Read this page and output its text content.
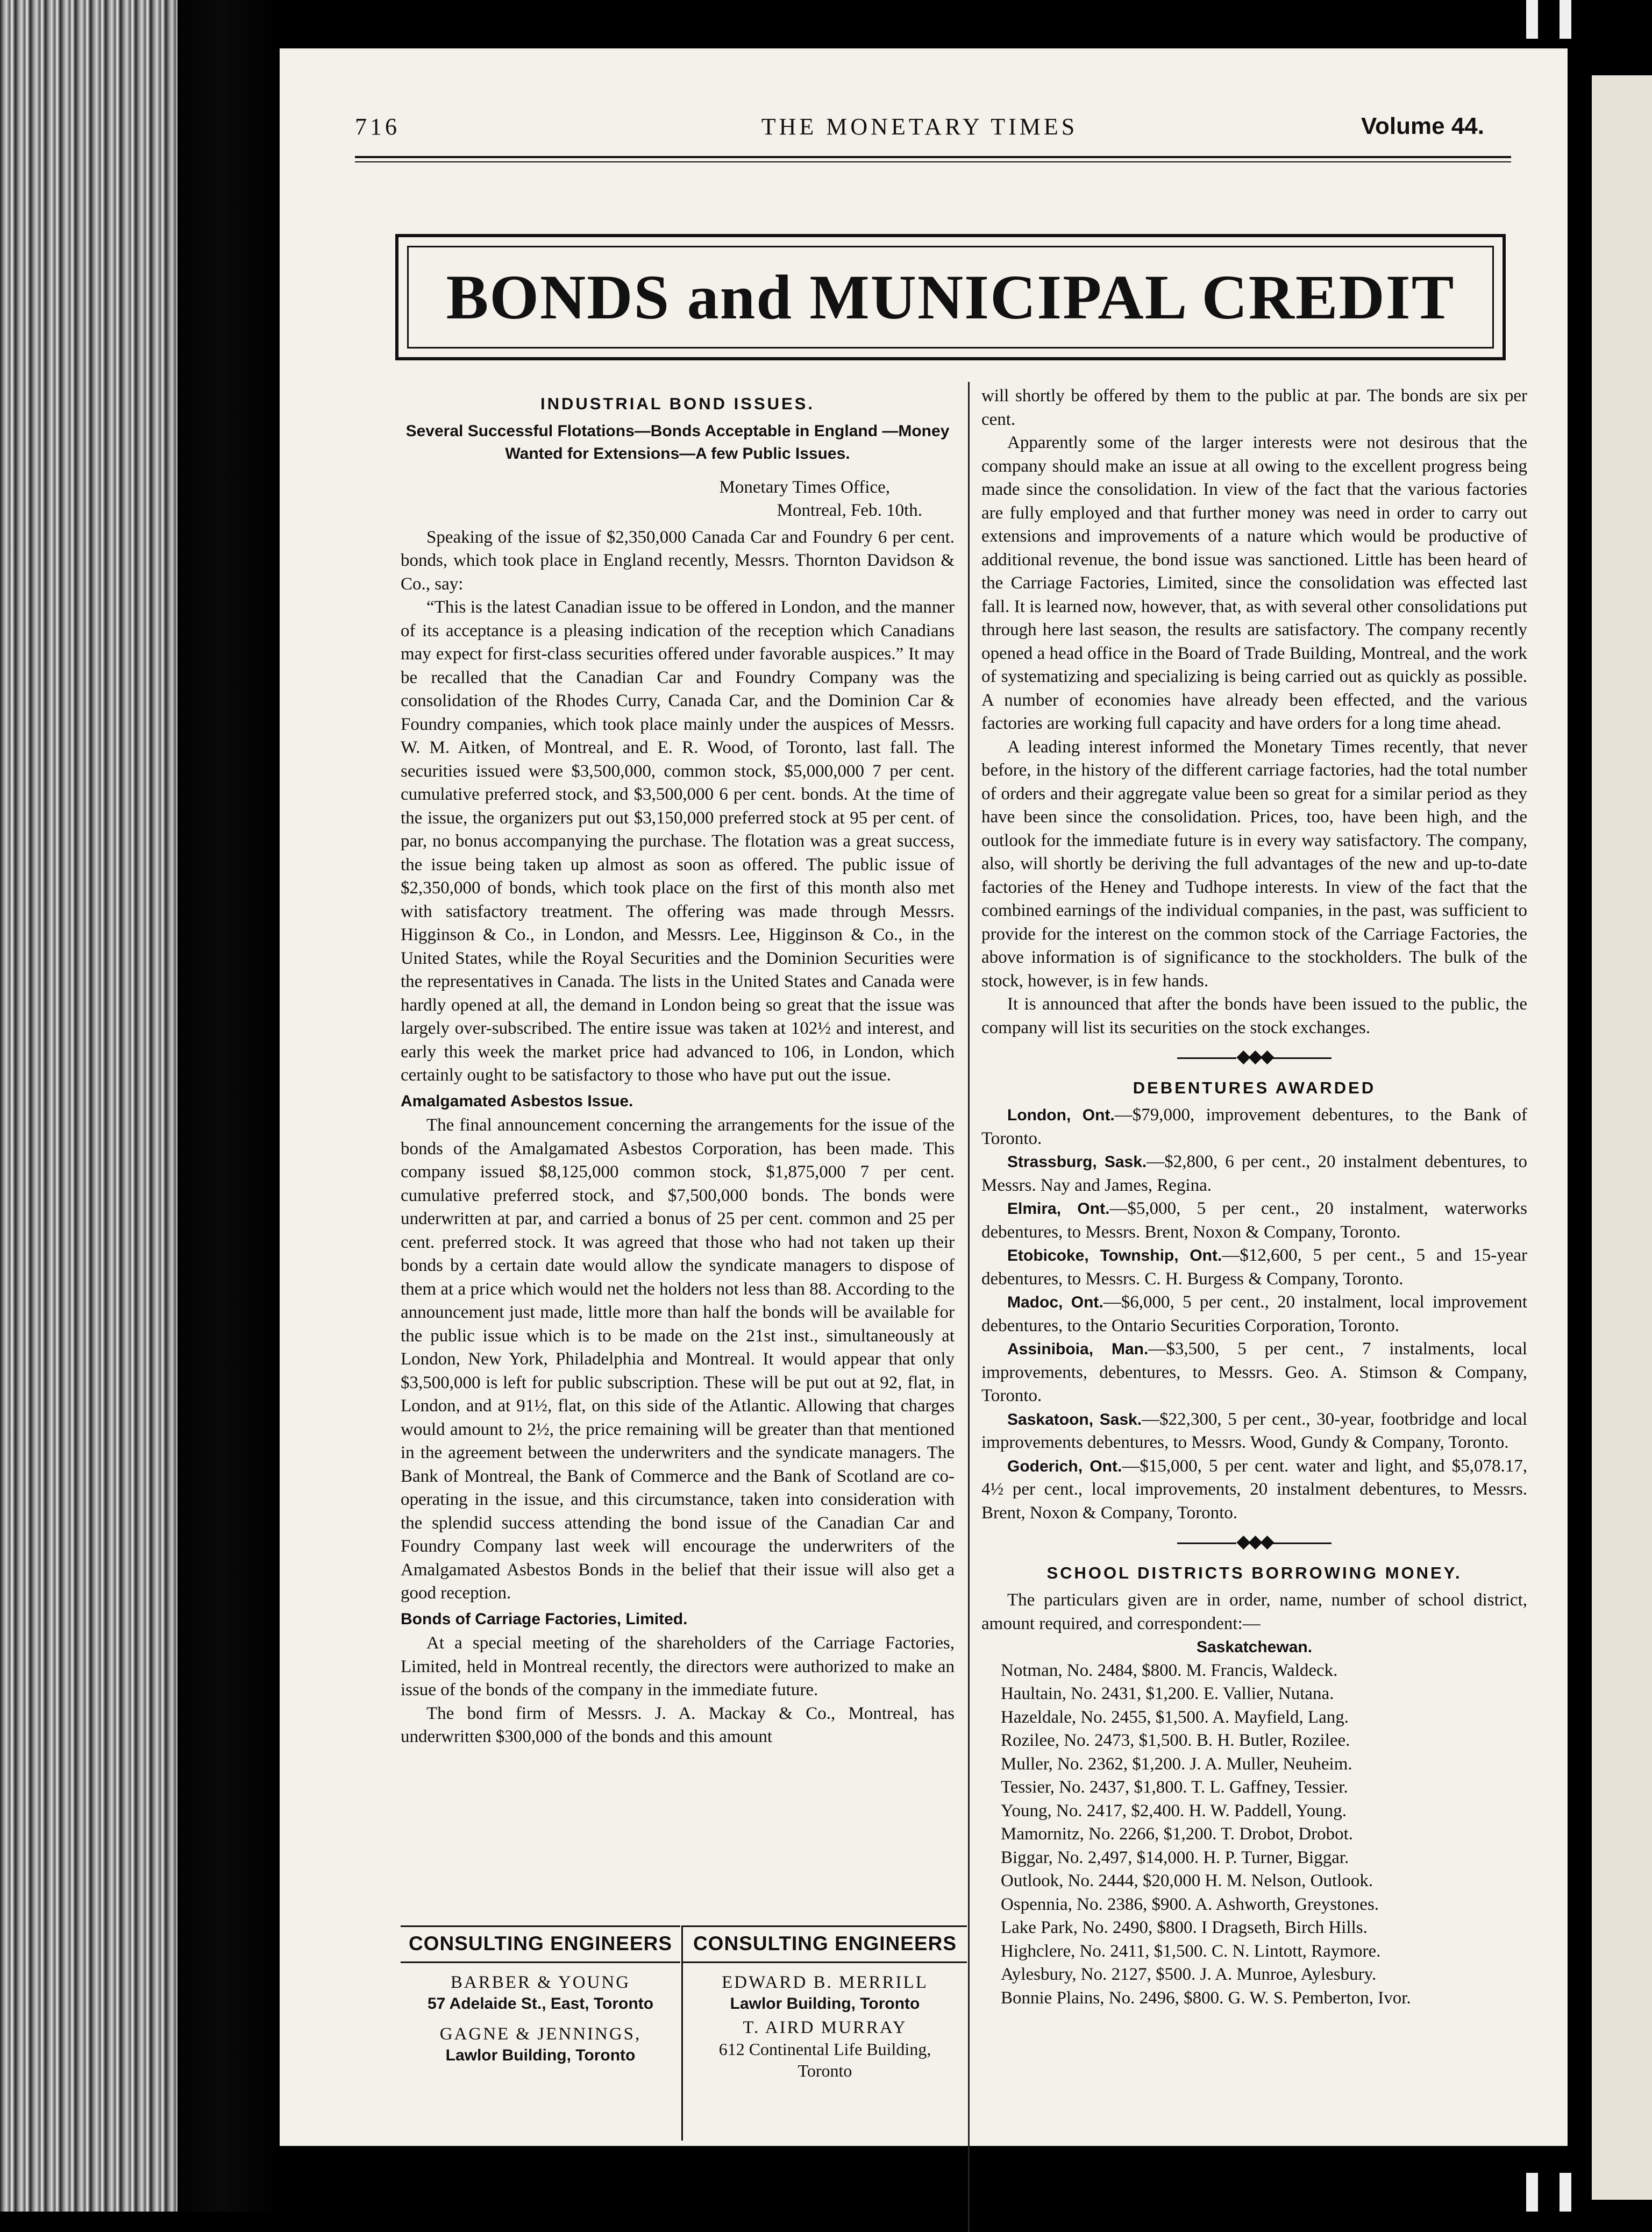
716	THE MONETARY TIMES	Volume 44.
BONDS and MUNICIPAL CREDIT
INDUSTRIAL BOND ISSUES.
Several Successful Flotations—Bonds Acceptable in England —Money Wanted for Extensions—A few Public Issues.

Monetary Times Office,

Montreal, Feb. 10th.

Speaking of the issue of $2,350,000 Canada Car and Foundry 6 per cent. bonds, which took place in England recently, Messrs. Thornton Davidson & Co., say:

“This is the latest Canadian issue to be offered in London, and the manner of its acceptance is a pleasing indication of the reception which Canadians may expect for first-class securities offered under favorable auspices.” It may be recalled that the Canadian Car and Foundry Company was the consolidation of the Rhodes Curry, Canada Car, and the Dominion Car & Foundry companies, which took place mainly under the auspices of Messrs. W. M. Aitken, of Montreal, and E. R. Wood, of Toronto, last fall. The securities issued were $3,500,000, common stock, $5,000,000 7 per cent. cumulative preferred stock, and $3,500,000 6 per cent. bonds. At the time of the issue, the organizers put out $3,150,000 preferred stock at 95 per cent. of par, no bonus accompanying the purchase. The flotation was a great success, the issue being taken up almost as soon as offered. The public issue of $2,350,000 of bonds, which took place on the first of this month also met with satisfactory treatment. The offering was made through Messrs. Higginson & Co., in London, and Messrs. Lee, Higginson & Co., in the United States, while the Royal Securities and the Dominion Securities were the representatives in Canada. The lists in the United States and Canada were hardly opened at all, the demand in London being so great that the issue was largely over-subscribed. The entire issue was taken at 102½ and interest, and early this week the market price had advanced to 106, in London, which certainly ought to be satisfactory to those who have put out the issue.

Amalgamated Asbestos Issue.

The final announcement concerning the arrangements for the issue of the bonds of the Amalgamated Asbestos Corporation, has been made. This company issued $8,125,000 common stock, $1,875,000 7 per cent. cumulative preferred stock, and $7,500,000 bonds. The bonds were underwritten at par, and carried a bonus of 25 per cent. common and 25 per cent. preferred stock. It was agreed that those who had not taken up their bonds by a certain date would allow the syndicate managers to dispose of them at a price which would net the holders not less than 88. According to the announcement just made, little more than half the bonds will be available for the public issue which is to be made on the 21st inst., simultaneously at London, New York, Philadelphia and Montreal. It would appear that only $3,500,000 is left for public subscription. These will be put out at 92, flat, in London, and at 91½, flat, on this side of the Atlantic. Allowing that charges would amount to 2½, the price remaining will be greater than that mentioned in the agreement between the underwriters and the syndicate managers. The Bank of Montreal, the Bank of Commerce and the Bank of Scotland are co-operating in the issue, and this circumstance, taken into consideration with the splendid success attending the bond issue of the Canadian Car and Foundry Company last week will encourage the underwriters of the Amalgamated Asbestos Bonds in the belief that their issue will also get a good reception.

Bonds of Carriage Factories, Limited.

At a special meeting of the shareholders of the Carriage Factories, Limited, held in Montreal recently, the directors were authorized to make an issue of the bonds of the company in the immediate future.

The bond firm of Messrs. J. A. Mackay & Co., Montreal, has underwritten $300,000 of the bonds and this amount

CONSULTING ENGINEERS
BARBER & YOUNG
57 Adelaide St., East, Toronto
GAGNE & JENNINGS,
Lawlor Building, Toronto
CONSULTING ENGINEERS
EDWARD B. MERRILL
Lawlor Building, Toronto
T. AIRD MURRAY
612 Continental Life Building,
Toronto

will shortly be offered by them to the public at par. The bonds are six per cent.

Apparently some of the larger interests were not desirous that the company should make an issue at all owing to the excellent progress being made since the consolidation. In view of the fact that the various factories are fully employed and that further money was need in order to carry out extensions and improvements of a nature which would be productive of additional revenue, the bond issue was sanctioned. Little has been heard of the Carriage Factories, Limited, since the consolidation was effected last fall. It is learned now, however, that, as with several other consolidations put through here last season, the results are satisfactory. The company recently opened a head office in the Board of Trade Building, Montreal, and the work of systematizing and specializing is being carried out as quickly as possible. A number of economies have already been effected, and the various factories are working full capacity and have orders for a long time ahead.

A leading interest informed the Monetary Times recently, that never before, in the history of the different carriage factories, had the total number of orders and their aggregate value been so great for a similar period as they have been since the consolidation. Prices, too, have been high, and the outlook for the immediate future is in every way satisfactory. The company, also, will shortly be deriving the full advantages of the new and up-to-date factories of the Heney and Tudhope interests. In view of the fact that the combined earnings of the individual companies, in the past, was sufficient to provide for the interest on the common stock of the Carriage Factories, the above information is of significance to the stockholders. The bulk of the stock, however, is in few hands.

It is announced that after the bonds have been issued to the public, the company will list its securities on the stock exchanges.

◆◆◆
DEBENTURES AWARDED

London, Ont.—$79,000, improvement debentures, to the Bank of Toronto.

Strassburg, Sask.—$2,800, 6 per cent., 20 instalment debentures, to Messrs. Nay and James, Regina.

Elmira, Ont.—$5,000, 5 per cent., 20 instalment, waterworks debentures, to Messrs. Brent, Noxon & Company, Toronto.

Etobicoke, Township, Ont.—$12,600, 5 per cent., 5 and 15-year debentures, to Messrs. C. H. Burgess & Company, Toronto.

Madoc, Ont.—$6,000, 5 per cent., 20 instalment, local improvement debentures, to the Ontario Securities Corporation, Toronto.

Assiniboia, Man.—$3,500, 5 per cent., 7 instalments, local improvements, debentures, to Messrs. Geo. A. Stimson & Company, Toronto.

Saskatoon, Sask.—$22,300, 5 per cent., 30-year, footbridge and local improvements debentures, to Messrs. Wood, Gundy & Company, Toronto.

Goderich, Ont.—$15,000, 5 per cent. water and light, and $5,078.17, 4½ per cent., local improvements, 20 instalment debentures, to Messrs. Brent, Noxon & Company, Toronto.

◆◆◆
SCHOOL DISTRICTS BORROWING MONEY.

The particulars given are in order, name, number of school district, amount required, and correspondent:—

Saskatchewan.

Notman, No. 2484, $800. M. Francis, Waldeck.

Haultain, No. 2431, $1,200. E. Vallier, Nutana.

Hazeldale, No. 2455, $1,500. A. Mayfield, Lang.

Rozilee, No. 2473, $1,500. B. H. Butler, Rozilee.

Muller, No. 2362, $1,200. J. A. Muller, Neuheim.

Tessier, No. 2437, $1,800. T. L. Gaffney, Tessier.

Young, No. 2417, $2,400. H. W. Paddell, Young.

Mamornitz, No. 2266, $1,200. T. Drobot, Drobot.

Biggar, No. 2,497, $14,000. H. P. Turner, Biggar.

Outlook, No. 2444, $20,000 H. M. Nelson, Outlook.

Ospennia, No. 2386, $900. A. Ashworth, Greystones.

Lake Park, No. 2490, $800. I Dragseth, Birch Hills.

Highclere, No. 2411, $1,500. C. N. Lintott, Raymore.

Aylesbury, No. 2127, $500. J. A. Munroe, Aylesbury.

Bonnie Plains, No. 2496, $800. G. W. S. Pemberton, Ivor.
